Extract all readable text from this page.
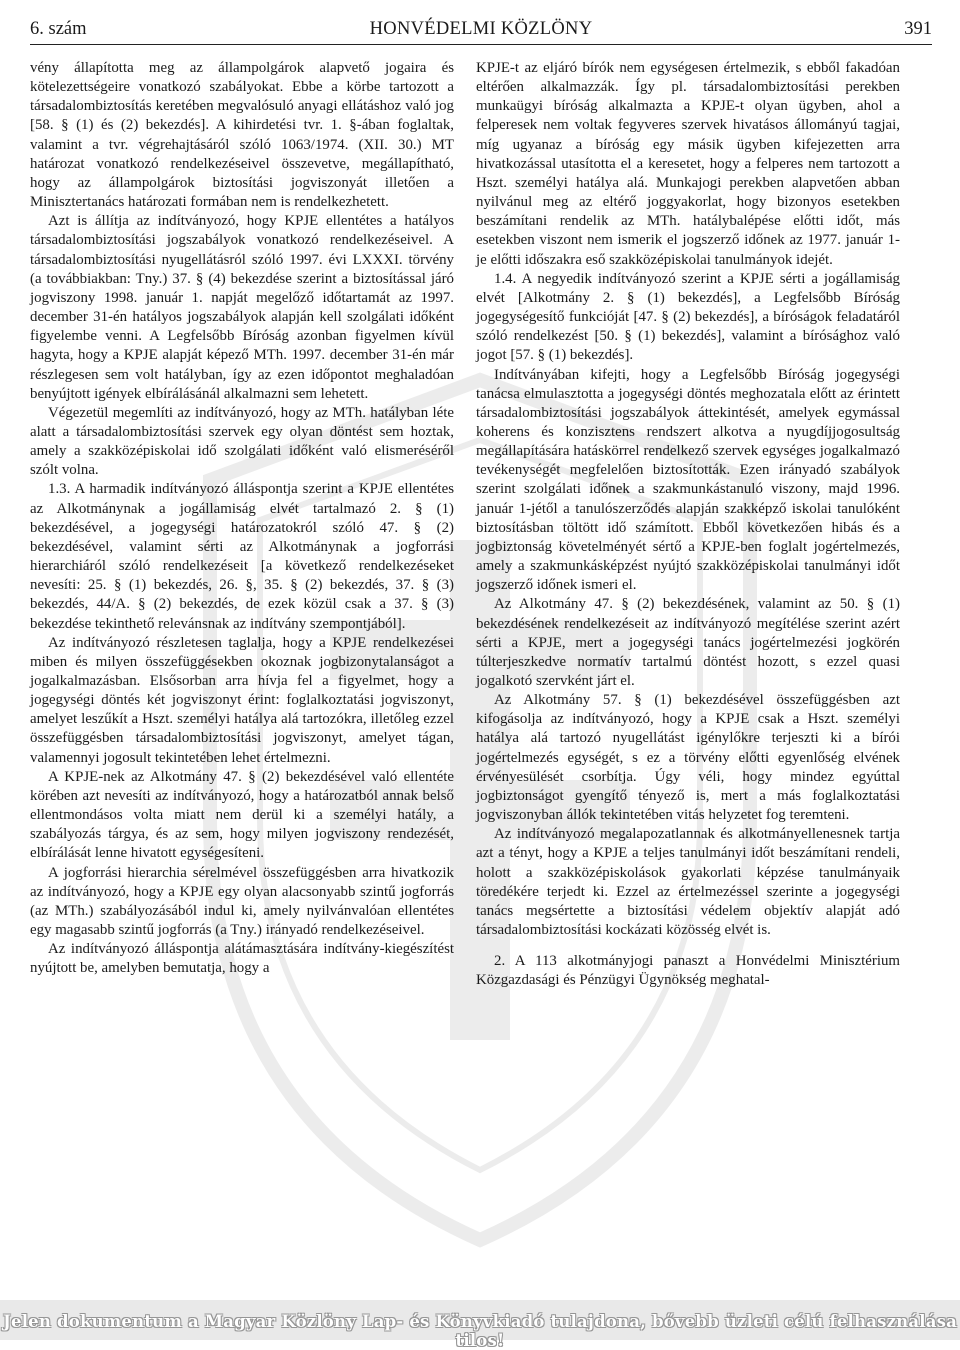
6. szám	HONVÉDELMI KÖZLÖNY	391

vény állapította meg az állampolgárok alapvető jogaira és kötelezettségeire vonatkozó szabályokat. Ebbe a körbe tartozott a társadalombiztosítás keretében megvalósuló anyagi ellátáshoz való jog [58. § (1) és (2) bekezdés]. A kihirdetési tvr. 1. §-ában foglaltak, valamint a tvr. végrehajtásáról szóló 1063/1974. (XII. 30.) MT határozat vonatkozó rendelkezéseivel összevetve, megállapítható, hogy az állampolgárok biztosítási jogviszonyát illetően a Minisztertanács határozati formában nem is rendelkezhetett.

Azt is állítja az indítványozó, hogy KPJE ellentétes a hatályos társadalombiztosítási jogszabályok vonatkozó rendelkezéseivel. A társadalombiztosítási nyugellátásról szóló 1997. évi LXXXI. törvény (a továbbiakban: Tny.) 37. § (4) bekezdése szerint a biztosítással járó jogviszony 1998. január 1. napját megelőző időtartamát az 1997. december 31-én hatályos jogszabályok alapján kell szolgálati időként figyelembe venni. A Legfelsőbb Bíróság azonban figyelmen kívül hagyta, hogy a KPJE alapját képező MTh. 1997. december 31-én már részlegesen sem volt hatályban, így az ezen időpontot meghaladóan benyújtott igények elbírálásánál alkalmazni sem lehetett.

Végezetül megemlíti az indítványozó, hogy az MTh. hatályban léte alatt a társadalombiztosítási szervek egy olyan döntést sem hoztak, amely a szakközépiskolai idő szolgálati időként való elismeréséről szólt volna.

1.3. A harmadik indítványozó álláspontja szerint a KPJE ellentétes az Alkotmánynak a jogállamiság elvét tartalmazó 2. § (1) bekezdésével, a jogegységi határozatokról szóló 47. § (2) bekezdésével, valamint sérti az Alkotmánynak a jogforrási hierarchiáról szóló rendelkezéseit [a következő rendelkezéseket nevesíti: 25. § (1) bekezdés, 26. §, 35. § (2) bekezdés, 37. § (3) bekezdés, 44/A. § (2) bekezdés, de ezek közül csak a 37. § (3) bekezdése tekinthető relevánsnak az indítvány szempontjából].

Az indítványozó részletesen taglalja, hogy a KPJE rendelkezései miben és milyen összefüggésekben okoznak jogbizonytalanságot a jogalkalmazásban. Elsősorban arra hívja fel a figyelmet, hogy a jogegységi döntés két jogviszonyt érint: foglalkoztatási jogviszonyt, amelyet leszűkít a Hszt. személyi hatálya alá tartozókra, illetőleg ezzel összefüggésben társadalombiztosítási jogviszonyt, amelyet tágan, valamennyi jogosult tekintetében lehet értelmezni.

A KPJE-nek az Alkotmány 47. § (2) bekezdésével való ellentéte körében azt nevesíti az indítványozó, hogy a határozatból annak belső ellentmondásos volta miatt nem derül ki a személyi hatály, a szabályozás tárgya, és az sem, hogy milyen jogviszony rendezését, elbírálását lenne hivatott egységesíteni.

A jogforrási hierarchia sérelmével összefüggésben arra hivatkozik az indítványozó, hogy a KPJE egy olyan alacsonyabb szintű jogforrás (az MTh.) szabályozásából indul ki, amely nyilvánvalóan ellentétes egy magasabb szintű jogforrás (a Tny.) irányadó rendelkezéseivel.

Az indítványozó álláspontja alátámasztására indítvány-kiegészítést nyújtott be, amelyben bemutatja, hogy a

KPJE-t az eljáró bírók nem egységesen értelmezik, s ebből fakadóan eltérően alkalmazzák. Így pl. társadalombiztosítási perekben munkaügyi bíróság alkalmazta a KPJE-t olyan ügyben, ahol a felperesek nem voltak fegyveres szervek hivatásos állományú tagjai, míg ugyanaz a bíróság egy másik ügyben kifejezetten arra hivatkozással utasította el a keresetet, hogy a felperes nem tartozott a Hszt. személyi hatálya alá. Munkajogi perekben alapvetően abban nyilvánul meg az eltérő joggyakorlat, hogy bizonyos esetekben beszámítani rendelik az MTh. hatálybalépése előtti időt, más esetekben viszont nem ismerik el jogszerző időnek az 1977. január 1-je előtti időszakra eső szakközépiskolai tanulmányok idejét.

1.4. A negyedik indítványozó szerint a KPJE sérti a jogállamiság elvét [Alkotmány 2. § (1) bekezdés], a Legfelsőbb Bíróság jogegységesítő funkcióját [47. § (2) bekezdés], a bíróságok feladatáról szóló rendelkezést [50. § (1) bekezdés], valamint a bírósághoz való jogot [57. § (1) bekezdés].

Indítványában kifejti, hogy a Legfelsőbb Bíróság jogegységi tanácsa elmulasztotta a jogegységi döntés meghozatala előtt az érintett társadalombiztosítási jogszabályok áttekintését, amelyek egymással koherens és konzisztens rendszert alkotva a nyugdíjjogosultság megállapítására hatáskörrel rendelkező szervek egységes jogalkalmazó tevékenységét megfelelően biztosították. Ezen irányadó szabályok szerint szolgálati időnek a szakmunkástanuló viszony, majd 1996. január 1-jétől a tanulószerződés alapján szakképző iskolai tanulóként biztosításban töltött idő számított. Ebből következően hibás és a jogbiztonság követelményét sértő a KPJE-ben foglalt jogértelmezés, amely a szakmunkásképzést nyújtó szakközépiskolai tanulmányi időt jogszerző időnek ismeri el.

Az Alkotmány 47. § (2) bekezdésének, valamint az 50. § (1) bekezdésének rendelkezéseit az indítványozó megítélése szerint azért sérti a KPJE, mert a jogegységi tanács jogértelmezési jogkörén túlterjeszkedve normatív tartalmú döntést hozott, s ezzel quasi jogalkotó szervként járt el.

Az Alkotmány 57. § (1) bekezdésével összefüggésben azt kifogásolja az indítványozó, hogy a KPJE csak a Hszt. személyi hatálya alá tartozó nyugellátást igénylőkre terjeszti ki a bírói jogértelmezés egységét, s ez a törvény előtti egyenlőség elvének érvényesülését csorbítja. Úgy véli, hogy mindez egyúttal jogbiztonságot gyengítő tényező is, mert a más foglalkoztatási jogviszonyban állók tekintetében vitás helyzetet fog teremteni.

Az indítványozó megalapozatlannak és alkotmányellenesnek tartja azt a tényt, hogy a KPJE a teljes tanulmányi időt beszámítani rendeli, holott a szakközépiskolások gyakorlati képzése tanulmányaik töredékére terjedt ki. Ezzel az értelmezéssel szerinte a jogegységi tanács megsértette a biztosítási védelem objektív alapját adó társadalombiztosítási kockázati közösség elvét is.

2. A 113 alkotmányjogi panaszt a Honvédelmi Minisztérium Közgazdasági és Pénzügyi Ügynökség meghatal-

Jelen dokumentum a Magyar Közlöny Lap- és Könyvkiadó tulajdona, bővebb üzleti célú felhasználása tilos!
